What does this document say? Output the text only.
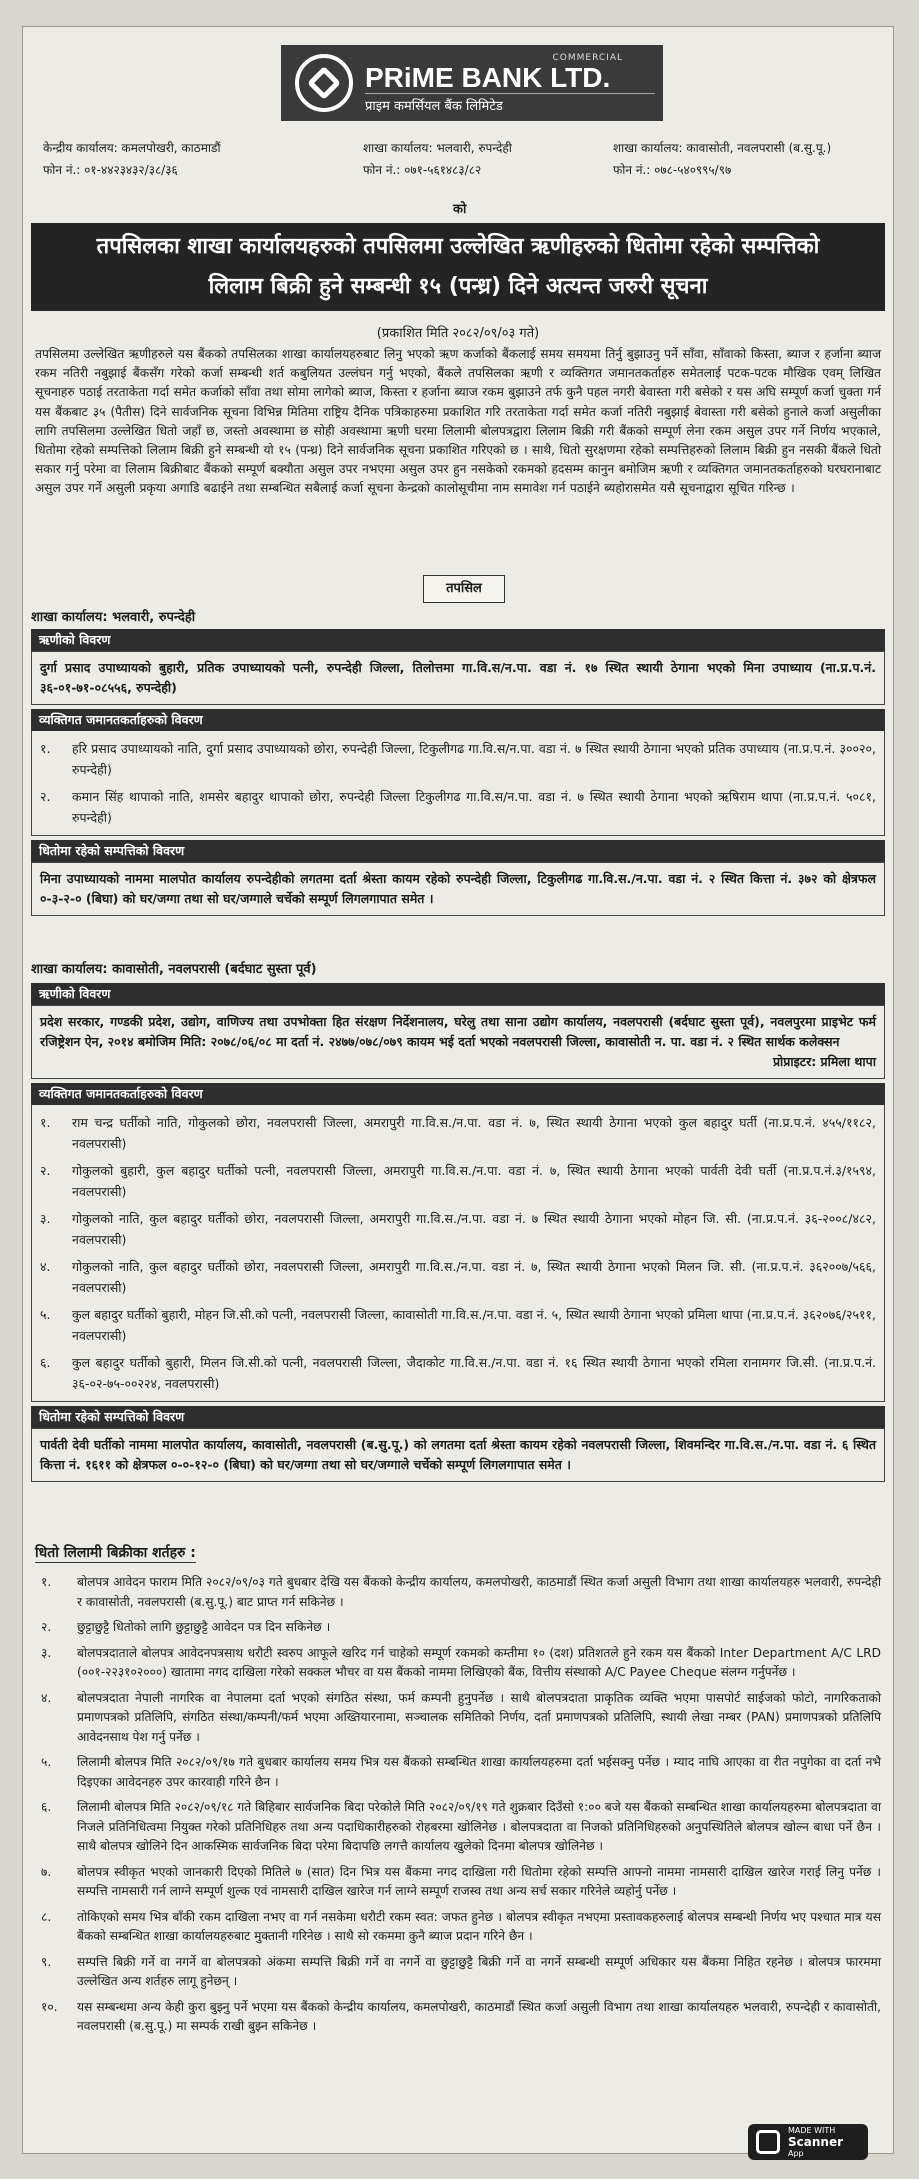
COMMERCIAL
PRiME BANK LTD.
प्राइम कमर्सियल बैंक लिमिटेड
केन्द्रीय कार्यालय: कमलपोखरी, काठमाडौं
फोन नं.: ०१-४४२३४३२/३८/३६
शाखा कार्यालय: भलवारी, रुपन्देही
फोन नं.: ०७१-५६१४८३/८२
शाखा कार्यालय: कावासोती, नवलपरासी (ब.सु.पू.)
फोन नं.: ०७८-५४०९९५/९७
को
तपसिलका शाखा कार्यालयहरुको तपसिलमा उल्लेखित ऋणीहरुको धितोमा रहेको सम्पत्तिको
लिलाम बिक्री हुने सम्बन्धी १५ (पन्ध्र) दिने अत्यन्त जरुरी सूचना
(प्रकाशित मिति २०८२/०९/०३ गते)
तपसिलमा उल्लेखित ऋणीहरुले यस बैंकको तपसिलका शाखा कार्यालयहरुबाट लिनु भएको ऋण कर्जाको बैंकलाई समय समयमा तिर्नु बुझाउनु पर्ने साँवा, साँवाको किस्ता, ब्याज र हर्जाना ब्याज रकम नतिरी नबुझाई बैंकसँग गरेको कर्जा सम्बन्धी शर्त कबुलियत उल्लंघन गर्नु भएको, बैंकले तपसिलका ऋणी र व्यक्तिगत जमानतकर्ताहरु समेतलाई पटक-पटक मौखिक एवम् लिखित सूचनाहरु पठाई तरताकेता गर्दा समेत कर्जाको साँवा तथा सोमा लागेको ब्याज, किस्ता र हर्जाना ब्याज रकम बुझाउने तर्फ कुनै पहल नगरी बेवास्ता गरी बसेको र यस अघि सम्पूर्ण कर्जा चुक्ता गर्न यस बैंकबाट ३५ (पैतीस) दिने सार्वजनिक सूचना विभिन्न मितिमा राष्ट्रिय दैनिक पत्रिकाहरुमा प्रकाशित गरि तरताकेता गर्दा समेत कर्जा नतिरी नबुझाई बेवास्ता गरी बसेको हुनाले कर्जा असुलीका लागि तपसिलमा उल्लेखित धितो जहाँ छ, जस्तो अवस्थामा छ सोही अवस्थामा ऋणी घरमा लिलामी बोलपत्रद्वारा लिलाम बिक्री गरी बैंकको सम्पूर्ण लेना रकम असुल उपर गर्ने निर्णय भएकाले, धितोमा रहेको सम्पत्तिको लिलाम बिक्री हुने सम्बन्धी यो १५ (पन्ध्र) दिने सार्वजनिक सूचना प्रकाशित गरिएको छ । साथै, धितो सुरक्षणमा रहेको सम्पत्तिहरुको लिलाम बिक्री हुन नसकी बैंकले धितो सकार गर्नु परेमा वा लिलाम बिक्रीबाट बैंकको सम्पूर्ण बक्यौता असुल उपर नभएमा असुल उपर हुन नसकेको रकमको हदसम्म कानुन बमोजिम ऋणी र व्यक्तिगत जमानतकर्ताहरुको घरघरानाबाट असुल उपर गर्ने असुली प्रकृया अगाडि बढाईने तथा सम्बन्धित सबैलाई कर्जा सूचना केन्द्रको कालोसूचीमा नाम समावेश गर्न पठाईने ब्यहोरासमेत यसै सूचनाद्वारा सूचित गरिन्छ ।
तपसिल
शाखा कार्यालय: भलवारी, रुपन्देही
ऋणीको विवरण
दुर्गा प्रसाद उपाध्यायको बुहारी, प्रतिक उपाध्यायको पत्नी, रुपन्देही जिल्ला, तिलोत्तमा गा.वि.स/न.पा. वडा नं. १७ स्थित स्थायी ठेगाना भएको मिना उपाध्याय (ना.प्र.प.नं. ३६-०१-७१-०८५५६, रुपन्देही)
व्यक्तिगत जमानतकर्ताहरुको विवरण
१.	हरि प्रसाद उपाध्यायको नाति, दुर्गा प्रसाद उपाध्यायको छोरा, रुपन्देही जिल्ला, टिकुलीगढ गा.वि.स/न.पा. वडा नं. ७ स्थित स्थायी ठेगाना भएको प्रतिक उपाध्याय (ना.प्र.प.नं. ३००२०, रुपन्देही)
२.	कमान सिंह थापाको नाति, शमसेर बहादुर थापाको छोरा, रुपन्देही जिल्ला टिकुलीगढ गा.वि.स/न.पा. वडा नं. ७ स्थित स्थायी ठेगाना भएको ऋषिराम थापा (ना.प्र.प.नं. ५०८१, रुपन्देही)
धितोमा रहेको सम्पत्तिको विवरण
मिना उपाध्यायको नाममा मालपोत कार्यालय रुपन्देहीको लगतमा दर्ता श्रेस्ता कायम रहेको रुपन्देही जिल्ला, टिकुलीगढ गा.वि.स./न.पा. वडा नं. २ स्थित कित्ता नं. ३७२ को क्षेत्रफल ०-३-२-० (बिघा) को घर/जग्गा तथा सो घर/जग्गाले चर्चेको सम्पूर्ण लिगलगापात समेत ।
शाखा कार्यालय: कावासोती, नवलपरासी (बर्दघाट सुस्ता पूर्व)
ऋणीको विवरण
प्रदेश सरकार, गण्डकी प्रदेश, उद्योग, वाणिज्य तथा उपभोक्ता हित संरक्षण निर्देशनालय, घरेलु तथा साना उद्योग कार्यालय, नवलपरासी (बर्दघाट सुस्ता पूर्व), नवलपुरमा प्राइभेट फर्म रजिष्ट्रेशन ऐन, २०१४ बमोजिम मिति: २०७८/०६/०८ मा दर्ता नं. २४७७/०७८/०७९ कायम भई दर्ता भएको नवलपरासी जिल्ला, कावासोती न. पा. वडा नं. २ स्थित सार्थक कलेक्सन
प्रोप्राइटर: प्रमिला थापा
व्यक्तिगत जमानतकर्ताहरुको विवरण
१.	राम चन्द्र घर्तीको नाति, गोकुलको छोरा, नवलपरासी जिल्ला, अमरापुरी गा.वि.स./न.पा. वडा नं. ७, स्थित स्थायी ठेगाना भएको कुल बहादुर घर्ती (ना.प्र.प.नं. ४५५/११८२, नवलपरासी)
२.	गोकुलको बुहारी, कुल बहादुर घर्तीको पत्नी, नवलपरासी जिल्ला, अमरापुरी गा.वि.स./न.पा. वडा नं. ७, स्थित स्थायी ठेगाना भएको पार्वती देवी घर्ती (ना.प्र.प.नं.३/१५९४, नवलपरासी)
३.	गोकुलको नाति, कुल बहादुर घर्तीको छोरा, नवलपरासी जिल्ला, अमरापुरी गा.वि.स./न.पा. वडा नं. ७ स्थित स्थायी ठेगाना भएको मोहन जि. सी. (ना.प्र.प.नं. ३६-२००८/४८२, नवलपरासी)
४.	गोकुलको नाति, कुल बहादुर घर्तीको छोरा, नवलपरासी जिल्ला, अमरापुरी गा.वि.स./न.पा. वडा नं. ७, स्थित स्थायी ठेगाना भएको मिलन जि. सी. (ना.प्र.प.नं. ३६२००७/५६६, नवलपरासी)
५.	कुल बहादुर घर्तीको बुहारी, मोहन जि.सी.को पत्नी, नवलपरासी जिल्ला, कावासोती गा.वि.स./न.पा. वडा नं. ५, स्थित स्थायी ठेगाना भएको प्रमिला थापा (ना.प्र.प.नं. ३६२०७६/२५११, नवलपरासी)
६.	कुल बहादुर घर्तीको बुहारी, मिलन जि.सी.को पत्नी, नवलपरासी जिल्ला, जैदाकोट गा.वि.स./न.पा. वडा नं. १६ स्थित स्थायी ठेगाना भएको रमिला रानामगर जि.सी. (ना.प्र.प.नं. ३६-०२-७५-००२२४, नवलपरासी)
धितोमा रहेको सम्पत्तिको विवरण
पार्वती देवी घर्तीको नाममा मालपोत कार्यालय, कावासोती, नवलपरासी (ब.सु.पू.) को लगतमा दर्ता श्रेस्ता कायम रहेको नवलपरासी जिल्ला, शिवमन्दिर गा.वि.स./न.पा. वडा नं. ६ स्थित कित्ता नं. १६११ को क्षेत्रफल ०-०-१२-० (बिघा) को घर/जग्गा तथा सो घर/जग्गाले चर्चेको सम्पूर्ण लिगलगापात समेत ।
धितो लिलामी बिक्रीका शर्तहरु :
१.	बोलपत्र आवेदन फाराम मिति २०८२/०९/०३ गते बुधबार देखि यस बैंकको केन्द्रीय कार्यालय, कमलपोखरी, काठमाडौं स्थित कर्जा असुली विभाग तथा शाखा कार्यालयहरु भलवारी, रुपन्देही र कावासोती, नवलपरासी (ब.सु.पू.) बाट प्राप्त गर्न सकिनेछ ।
२.	छुट्टाछुट्टै धितोको लागि छुट्टाछुट्टै आवेदन पत्र दिन सकिनेछ ।
३.	बोलपत्रदाताले बोलपत्र आवेदनपत्रसाथ धरौटी स्वरुप आफूले खरिद गर्न चाहेको सम्पूर्ण रकमको कम्तीमा १० (दश) प्रतिशतले हुने रकम यस बैंकको Inter Department A/C LRD (००१-२२३१०२०००) खातामा नगद दाखिला गरेको सक्कल भौचर वा यस बैंकको नाममा लिखिएको बैंक, वित्तीय संस्थाको A/C Payee Cheque संलग्न गर्नुपर्नेछ ।
४.	बोलपत्रदाता नेपाली नागरिक वा नेपालमा दर्ता भएको संगठित संस्था, फर्म कम्पनी हुनुपर्नेछ । साथै बोलपत्रदाता प्राकृतिक व्यक्ति भएमा पासपोर्ट साईजको फोटो, नागरिकताको प्रमाणपत्रको प्रतिलिपि, संगठित संस्था/कम्पनी/फर्म भएमा अख्तियारनामा, सञ्चालक समितिको निर्णय, दर्ता प्रमाणपत्रको प्रतिलिपि, स्थायी लेखा नम्बर (PAN) प्रमाणपत्रको प्रतिलिपि आवेदनसाथ पेश गर्नु पर्नेछ ।
५.	लिलामी बोलपत्र मिति २०८२/०९/१७ गते बुधबार कार्यालय समय भित्र यस बैंकको सम्बन्धित शाखा कार्यालयहरुमा दर्ता भईसक्नु पर्नेछ । म्याद नाघि आएका वा रीत नपुगेका वा दर्ता नभै दिइएका आवेदनहरु उपर कारवाही गरिने छैन ।
६.	लिलामी बोलपत्र मिति २०८२/०९/१८ गते बिहिबार सार्वजनिक बिदा परेकोले मिति २०८२/०९/१९ गते शुक्रबार दिउँसो १:०० बजे यस बैंकको सम्बन्धित शाखा कार्यालयहरुमा बोलपत्रदाता वा निजले प्रतिनिधित्वमा नियुक्त गरेको प्रतिनिधिहरु तथा अन्य पदाधिकारीहरुको रोहबरमा खोलिनेछ । बोलपत्रदाता वा निजको प्रतिनिधिहरुको अनुपस्थितिले बोलपत्र खोल्न बाधा पर्ने छैन । साथै बोलपत्र खोलिने दिन आकस्मिक सार्वजनिक बिदा परेमा बिदापछि लगत्तै कार्यालय खुलेको दिनमा बोलपत्र खोलिनेछ ।
७.	बोलपत्र स्वीकृत भएको जानकारी दिएको मितिले ७ (सात) दिन भित्र यस बैंकमा नगद दाखिला गरी धितोमा रहेको सम्पत्ति आफ्नो नाममा नामसारी दाखिल खारेज गराई लिनु पर्नेछ । सम्पत्ति नामसारी गर्न लाग्ने सम्पूर्ण शुल्क एवं नामसारी दाखिल खारेज गर्न लाग्ने सम्पूर्ण राजस्व तथा अन्य सर्च सकार गरिनेले व्यहोर्नु पर्नेछ ।
८.	तोकिएको समय भित्र बाँकी रकम दाखिला नभए वा गर्न नसकेमा धरौटी रकम स्वत: जफत हुनेछ । बोलपत्र स्वीकृत नभएमा प्रस्तावकहरुलाई बोलपत्र सम्बन्धी निर्णय भए पश्चात मात्र यस बैंकको सम्बन्धित शाखा कार्यालयहरुबाट मुक्तानी गरिनेछ । साथै सो रकममा कुनै ब्याज प्रदान गरिने छैन ।
९.	सम्पत्ति बिक्री गर्ने वा नगर्ने वा बोलपत्रको अंकमा सम्पत्ति बिक्री गर्ने वा नगर्ने वा छुट्टाछुट्टै बिक्री गर्ने वा नगर्ने सम्बन्धी सम्पूर्ण अधिकार यस बैंकमा निहित रहनेछ । बोलपत्र फारममा उल्लेखित अन्य शर्तहरु लागू हुनेछन् ।
१०.	यस सम्बन्धमा अन्य केही कुरा बुझ्नु पर्ने भएमा यस बैंकको केन्द्रीय कार्यालय, कमलपोखरी, काठमाडौं स्थित कर्जा असुली विभाग तथा शाखा कार्यालयहरु भलवारी, रुपन्देही र कावासोती, नवलपरासी (ब.सु.पू.) मा सम्पर्क राखी बुझ्न सकिनेछ ।
MADE WITH
Scanner
App
